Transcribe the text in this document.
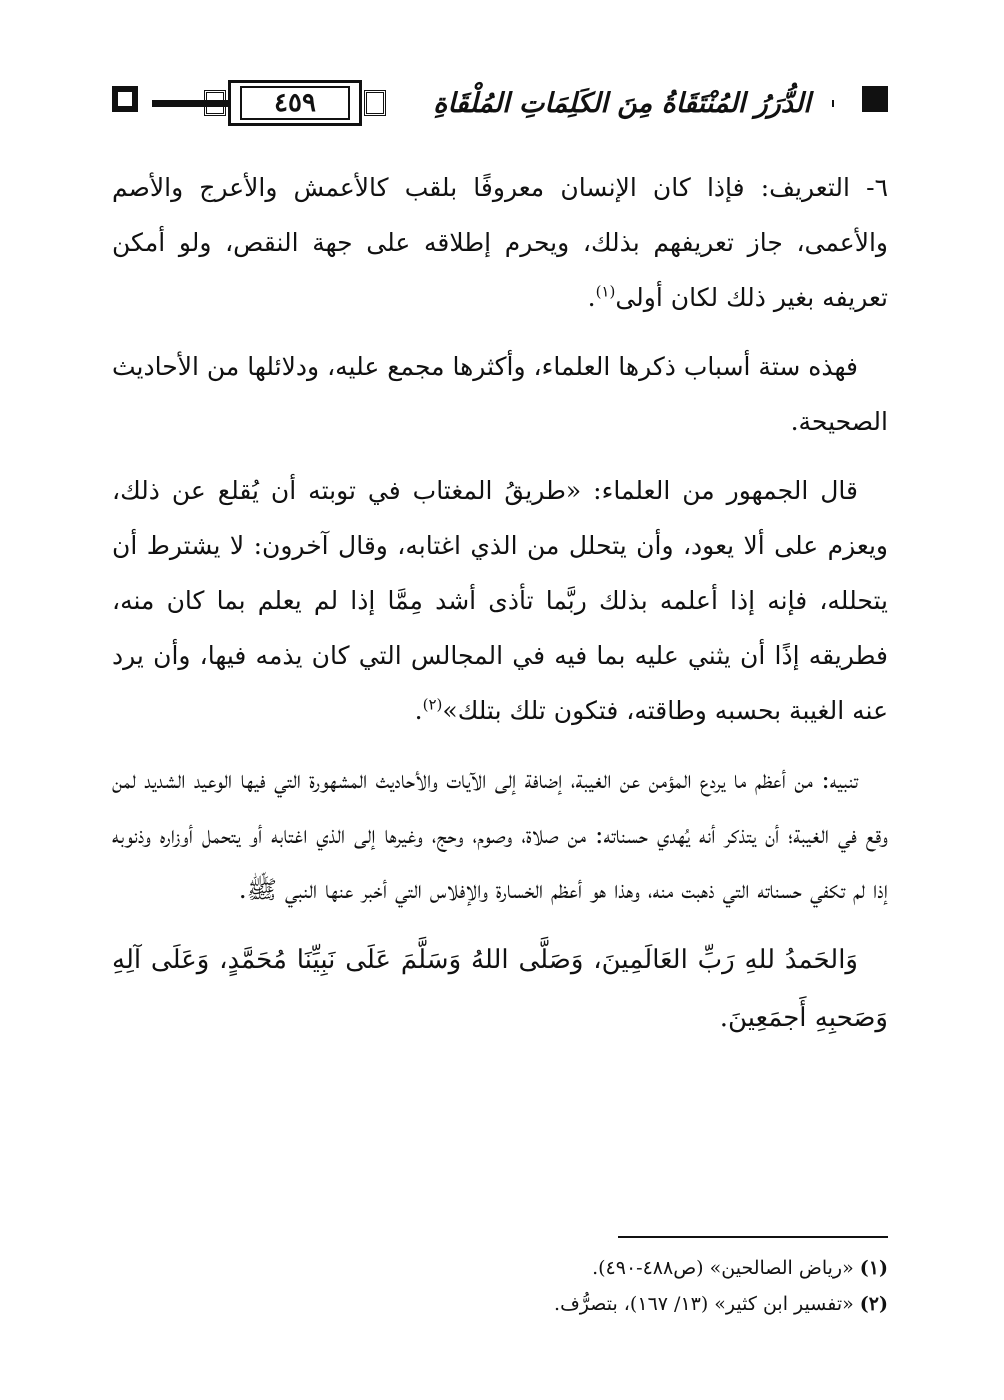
٤٥٩	الدُّرَرُ المُنْتَقَاةُ مِنَ الكَلِمَاتِ المُلْقَاةِ

٦- التعريف: فإذا كان الإنسان معروفًا بلقب كالأعمش والأعرج والأصم والأعمى، جاز تعريفهم بذلك، ويحرم إطلاقه على جهة النقص، ولو أمكن تعريفه بغير ذلك لكان أولى$^{(١)}$.

فهذه ستة أسباب ذكرها العلماء، وأكثرها مجمع عليه، ودلائلها من الأحاديث الصحيحة.

قال الجمهور من العلماء: «طريقُ المغتاب في توبته أن يُقلع عن ذلك، ويعزم على ألا يعود، وأن يتحلل من الذي اغتابه، وقال آخرون: لا يشترط أن يتحلله، فإنه إذا أعلمه بذلك ربَّما تأذى أشد مِمَّا إذا لم يعلم بما كان منه، فطريقه إذًا أن يثني عليه بما فيه في المجالس التي كان يذمه فيها، وأن يرد عنه الغيبة بحسبه وطاقته، فتكون تلك بتلك»$^{(٢)}$.

تنبيه: من أعظم ما يردع المؤمن عن الغيبة، إضافة إلى الآيات والأحاديث المشهورة التي فيها الوعيد الشديد لمن وقع في الغيبة؛ أن يتذكر أنه يُهدي حسناته: من صلاة، وصوم، وحج، وغيرها إلى الذي اغتابه أو يتحمل أوزاره وذنوبه إذا لم تكفي حسناته التي ذهبت منه، وهذا هو أعظم الخسارة والإفلاس التي أخبر عنها النبي ﷺ.

وَالحَمدُ للهِ رَبِّ العَالَمِينَ، وَصَلَّى اللهُ وَسَلَّمَ عَلَى نَبِيِّنَا مُحَمَّدٍ، وَعَلَى آلِهِ وَصَحبِهِ أَجمَعِينَ.

(١) «رياض الصالحين» (ص٤٨٨-٤٩٠).

(٢) «تفسير ابن كثير» (١٣/ ١٦٧)، بتصرُّف.
